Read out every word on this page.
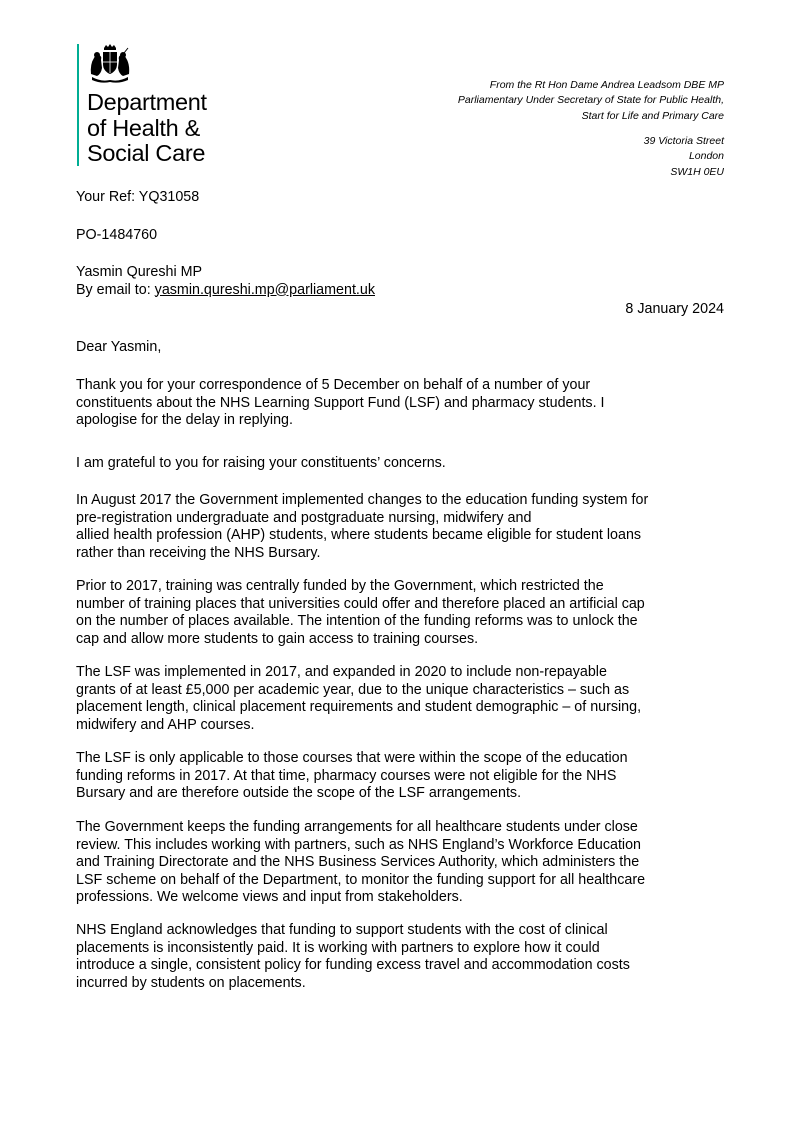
Department
of Health &
Social Care
From the Rt Hon Dame Andrea Leadsom DBE MP
Parliamentary Under Secretary of State for Public Health,
Start for Life and Primary Care
39 Victoria Street
London
SW1H 0EU
Your Ref: YQ31058
PO-1484760
Yasmin Qureshi MP
By email to: yasmin.qureshi.mp@parliament.uk
8 January 2024
Dear Yasmin,
Thank you for your correspondence of 5 December on behalf of a number of your
constituents about the NHS Learning Support Fund (LSF) and pharmacy students. I
apologise for the delay in replying.
I am grateful to you for raising your constituents’ concerns.
In August 2017 the Government implemented changes to the education funding system for
pre-registration undergraduate and postgraduate nursing, midwifery and
allied health profession (AHP) students, where students became eligible for student loans
rather than receiving the NHS Bursary.
Prior to 2017, training was centrally funded by the Government, which restricted the
number of training places that universities could offer and therefore placed an artificial cap
on the number of places available. The intention of the funding reforms was to unlock the
cap and allow more students to gain access to training courses.
The LSF was implemented in 2017, and expanded in 2020 to include non-repayable
grants of at least £5,000 per academic year, due to the unique characteristics – such as
placement length, clinical placement requirements and student demographic – of nursing,
midwifery and AHP courses.
The LSF is only applicable to those courses that were within the scope of the education
funding reforms in 2017. At that time, pharmacy courses were not eligible for the NHS
Bursary and are therefore outside the scope of the LSF arrangements.
The Government keeps the funding arrangements for all healthcare students under close
review. This includes working with partners, such as NHS England’s Workforce Education
and Training Directorate and the NHS Business Services Authority, which administers the
LSF scheme on behalf of the Department, to monitor the funding support for all healthcare
professions. We welcome views and input from stakeholders.
NHS England acknowledges that funding to support students with the cost of clinical
placements is inconsistently paid. It is working with partners to explore how it could
introduce a single, consistent policy for funding excess travel and accommodation costs
incurred by students on placements.
